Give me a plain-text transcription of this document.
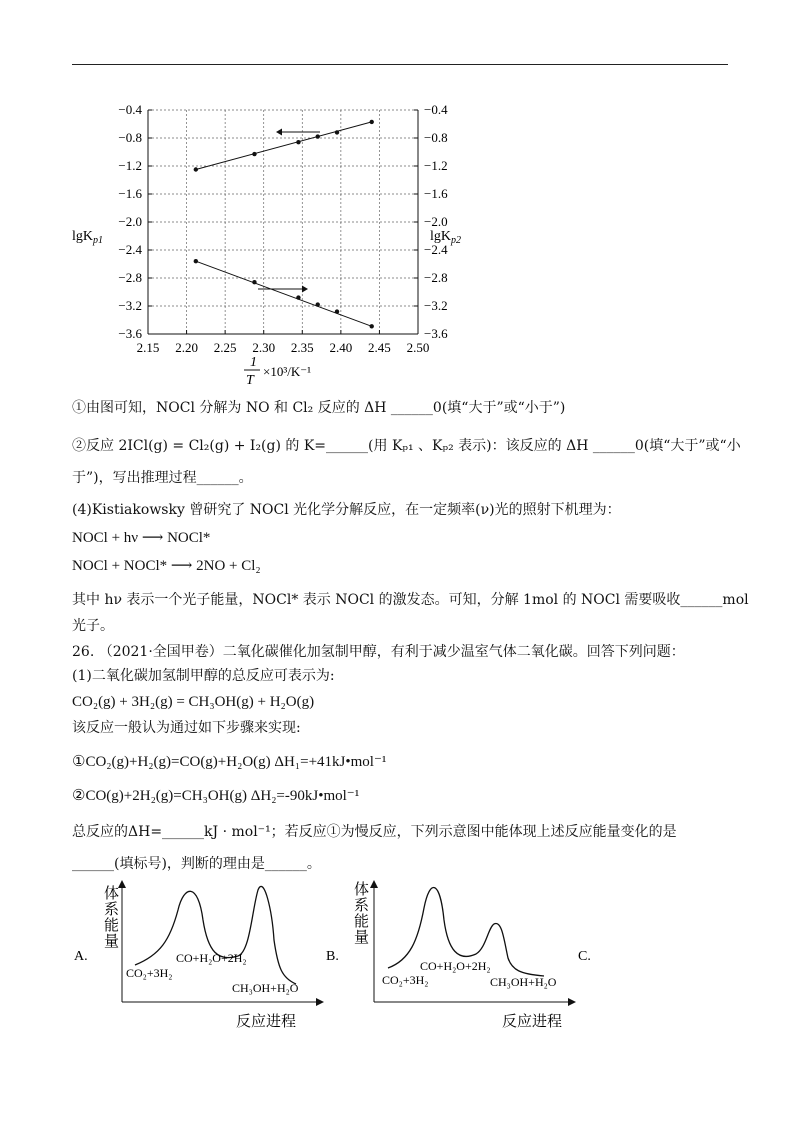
−0.4	−0.4
−0.8	−0.8
−1.2	−1.2
−1.6	−1.6
−2.0	−2.0
−2.4	−2.4
−2.8	−2.8
−3.2	−3.2
−3.6	−3.6
2.15 2.20 2.25 2.30 2.35 2.40 2.45 2.50
lgK$_{p1}$	lgK$_{p2}$
1
T
×10³/K⁻¹
①由图可知，NOCl 分解为 NO 和 Cl₂ 反应的 ΔH ______0(填“大于”或“小于”)
②反应 2ICl(g) = Cl₂(g) + I₂(g) 的 K=______(用 Kₚ₁ 、Kₚ₂ 表示)：该反应的 ΔH ______0(填“大于”或“小
于”)，写出推理过程______。
(4)Kistiakowsky 曾研究了 NOCl 光化学分解反应，在一定频率(ν)光的照射下机理为：
NOCl + hν ⟶ NOCl*
NOCl + NOCl* ⟶ 2NO + Cl₂
其中 hν 表示一个光子能量，NOCl* 表示 NOCl 的激发态。可知，分解 1mol 的 NOCl 需要吸收______mol
光子。
26. （2021·全国甲卷）二氧化碳催化加氢制甲醇，有利于减少温室气体二氧化碳。回答下列问题：
(1)二氧化碳加氢制甲醇的总反应可表示为:
CO₂(g) + 3H₂(g) = CH₃OH(g) + H₂O(g)
该反应一般认为通过如下步骤来实现:
①CO₂(g)+H₂(g)=CO(g)+H₂O(g) ΔH₁=+41kJ•mol⁻¹
②CO(g)+2H₂(g)=CH₃OH(g) ΔH₂=-90kJ•mol⁻¹
总反应的ΔH=______kJ · mol⁻¹；若反应①为慢反应，下列示意图中能体现上述反应能量变化的是
______(填标号)，判断的理由是______。
体
系
能
量
A.
CO₂+3H₂
CO+H₂O+2H₂
CH₃OH+H₂O
反应进程
体
系
能
量
B.
CO₂+3H₂
CO+H₂O+2H₂
CH₃OH+H₂O
反应进程
C.
